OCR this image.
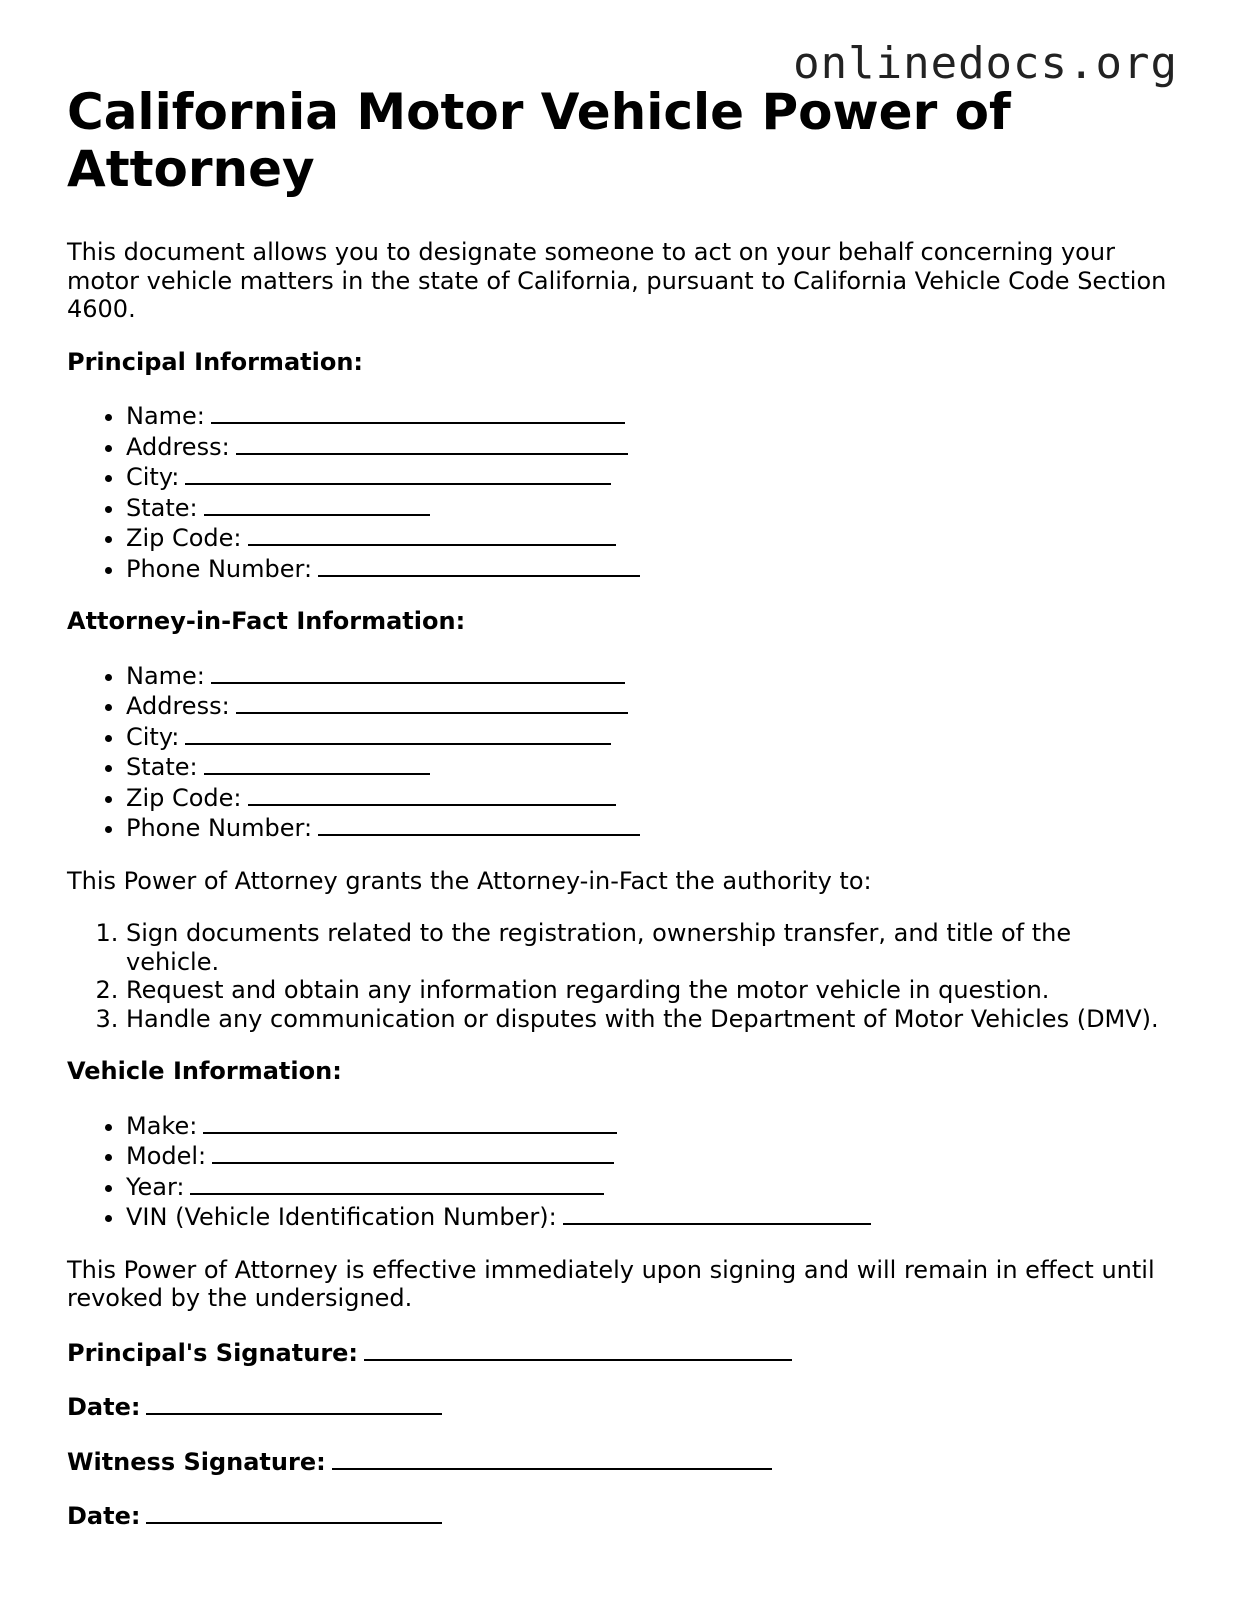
onlinedocs.org
California Motor Vehicle Power of Attorney

This document allows you to designate someone to act on your behalf concerning your motor vehicle matters in the state of California, pursuant to California Vehicle Code Section 4600.

Principal Information:

• Name:
• Address:
• City:
• State:
• Zip Code:
• Phone Number:

Attorney-in-Fact Information:

• Name:
• Address:
• City:
• State:
• Zip Code:
• Phone Number:

This Power of Attorney grants the Attorney-in-Fact the authority to:

1. Sign documents related to the registration, ownership transfer, and title of the vehicle.
2. Request and obtain any information regarding the motor vehicle in question.
3. Handle any communication or disputes with the Department of Motor Vehicles (DMV).

Vehicle Information:

• Make:
• Model:
• Year:
• VIN (Vehicle Identification Number):

This Power of Attorney is effective immediately upon signing and will remain in effect until revoked by the undersigned.

Principal's Signature:

Date:

Witness Signature:

Date:
